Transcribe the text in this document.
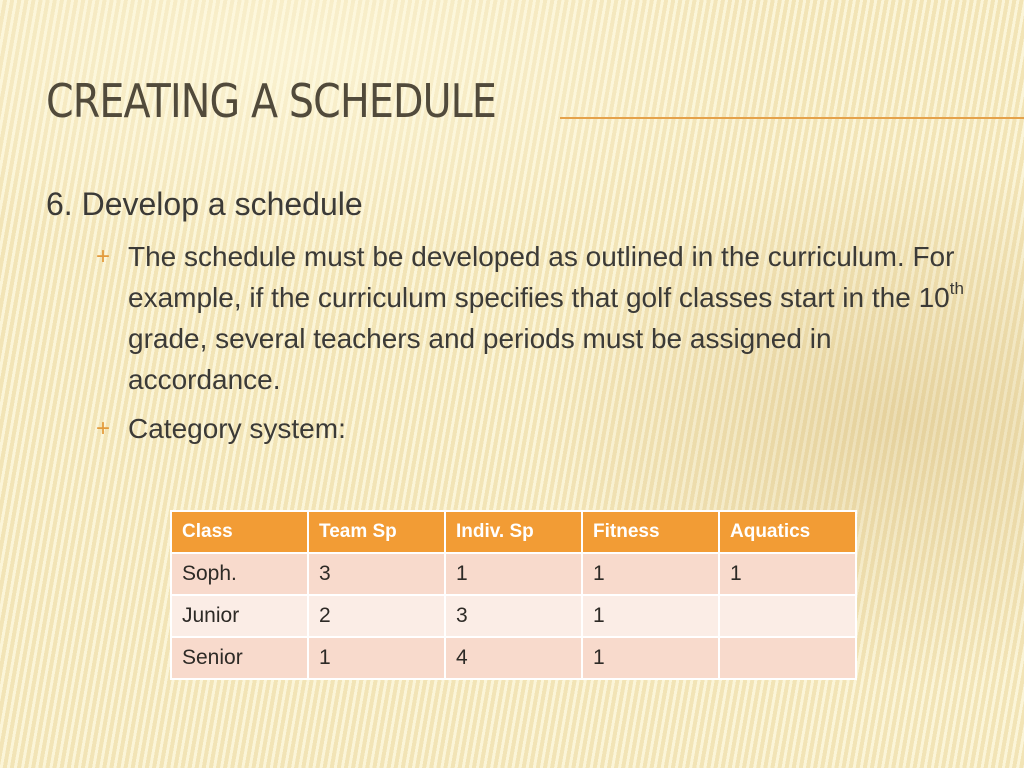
CREATING A SCHEDULE

6. Develop a schedule

+ The schedule must be developed as outlined in the curriculum. For example, if the curriculum specifies that golf classes start in the 10th grade, several teachers and periods must be assigned in accordance.

+ Category system:

Class	Team Sp	Indiv. Sp	Fitness	Aquatics
Soph.	3	1	1	1
Junior	2	3	1	
Senior	1	4	1	
